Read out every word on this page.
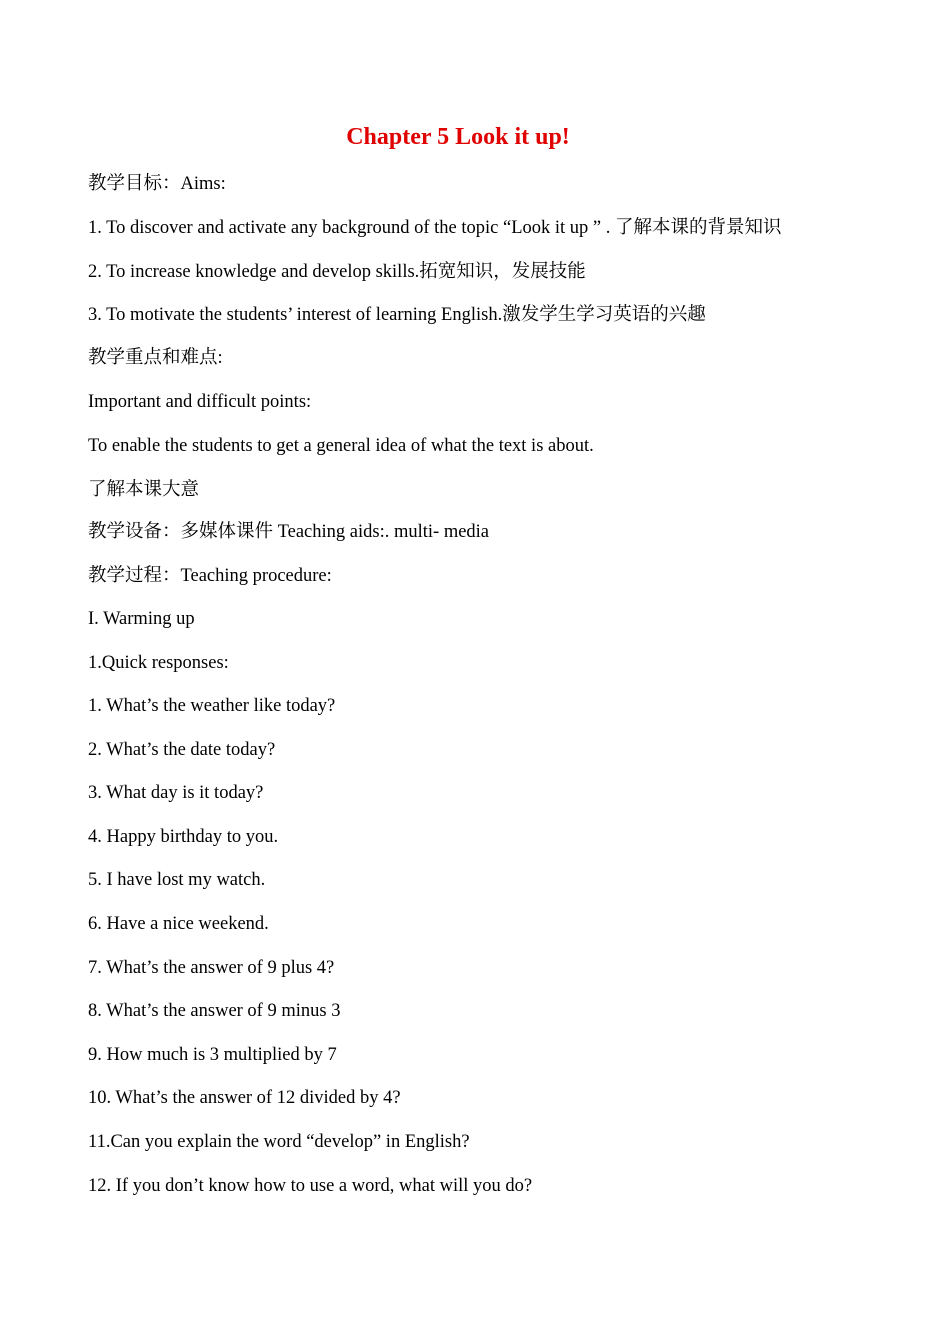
Chapter 5 Look it up!
教学目标：Aims:
1. To discover and activate any background of the topic “Look it up ” . 了解本课的背景知识
2. To increase knowledge and develop skills.拓宽知识，发展技能
3. To motivate the students’ interest of learning English.激发学生学习英语的兴趣
教学重点和难点:
Important and difficult points:
To enable the students to get a general idea of what the text is about.
了解本课大意
教学设备：多媒体课件 Teaching aids:. multi- media
教学过程：Teaching procedure:
I. Warming up
1.Quick responses:
1. What’s the weather like today?
2. What’s the date today?
3. What day is it today?
4. Happy birthday to you.
5. I have lost my watch.
6. Have a nice weekend.
7. What’s the answer of 9 plus 4?
8. What’s the answer of 9 minus 3
9. How much is 3 multiplied by 7
10. What’s the answer of 12 divided by 4?
11.Can you explain the word “develop” in English?
12. If you don’t know how to use a word, what will you do?
